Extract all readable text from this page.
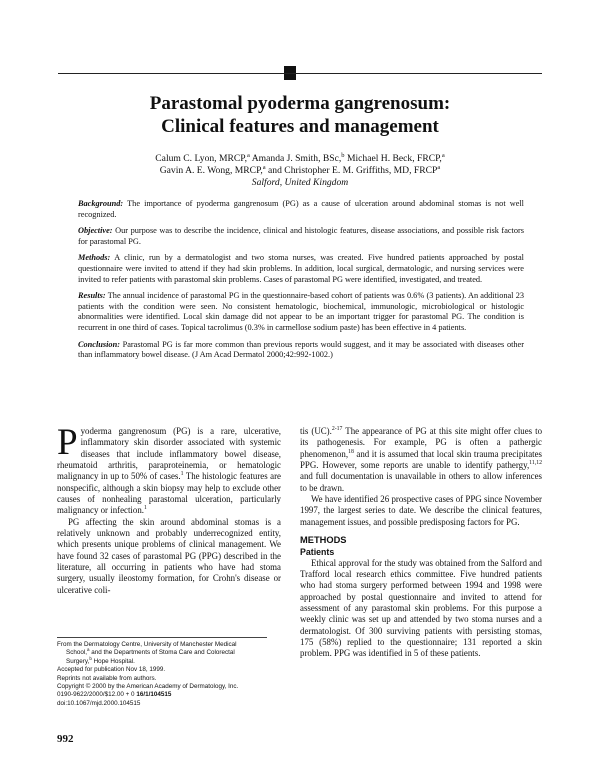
Parastomal pyoderma gangrenosum:
Clinical features and management
Calum C. Lyon, MRCP,$^a$ Amanda J. Smith, BSc,$^b$ Michael H. Beck, FRCP,$^a$
Gavin A. E. Wong, MRCP,$^a$ and Christopher E. M. Griffiths, MD, FRCP$^a$
Salford, United Kingdom

Background: The importance of pyoderma gangrenosum (PG) as a cause of ulceration around abdominal stomas is not well recognized.

Objective: Our purpose was to describe the incidence, clinical and histologic features, disease associations, and possible risk factors for parastomal PG.

Methods: A clinic, run by a dermatologist and two stoma nurses, was created. Five hundred patients approached by postal questionnaire were invited to attend if they had skin problems. In addition, local surgical, dermatologic, and nursing services were invited to refer patients with parastomal skin problems. Cases of parastomal PG were identified, investigated, and treated.

Results: The annual incidence of parastomal PG in the questionnaire-based cohort of patients was 0.6% (3 patients). An additional 23 patients with the condition were seen. No consistent hematologic, biochemical, immunologic, microbiological or histologic abnormalities were identified. Local skin damage did not appear to be an important trigger for parastomal PG. The condition is recurrent in one third of cases. Topical tacrolimus (0.3% in carmellose sodium paste) has been effective in 4 patients.

Conclusion: Parastomal PG is far more common than previous reports would suggest, and it may be associated with diseases other than inflammatory bowel disease. (J Am Acad Dermatol 2000;42:992-1002.)

Pyoderma gangrenosum (PG) is a rare, ulcerative, inflammatory skin disorder associated with systemic diseases that include inflammatory bowel disease, rheumatoid arthritis, paraproteinemia, or hematologic malignancy in up to 50% of cases.$^1$ The histologic features are nonspecific, although a skin biopsy may help to exclude other causes of nonhealing parastomal ulceration, particularly malignancy or infection.$^1$

PG affecting the skin around abdominal stomas is a relatively unknown and probably underrecognized entity, which presents unique problems of clinical management. We have found 32 cases of parastomal PG (PPG) described in the literature, all occurring in patients who have had stoma surgery, usually ileostomy formation, for Crohn's disease or ulcerative coli-

tis (UC).$^{2-17}$ The appearance of PG at this site might offer clues to its pathogenesis. For example, PG is often a pathergic phenomenon,$^{18}$ and it is assumed that local skin trauma precipitates PPG. However, some reports are unable to identify pathergy,$^{11,12}$ and full documentation is unavailable in others to allow inferences to be drawn.

We have identified 26 prospective cases of PPG since November 1997, the largest series to date. We describe the clinical features, management issues, and possible predisposing factors for PG.

METHODS
Patients

Ethical approval for the study was obtained from the Salford and Trafford local research ethics committee. Five hundred patients who had stoma surgery performed between 1994 and 1998 were approached by postal questionnaire and invited to attend for assessment of any parastomal skin problems. For this purpose a weekly clinic was set up and attended by two stoma nurses and a dermatologist. Of 300 surviving patients with persisting stomas, 175 (58%) replied to the questionnaire; 131 reported a skin problem. PPG was identified in 5 of these patients.

From the Dermatology Centre, University of Manchester Medical
School,$^a$ and the Departments of Stoma Care and Colorectal
Surgery,$^b$ Hope Hospital.
Accepted for publication Nov 18, 1999.
Reprints not available from authors.
Copyright © 2000 by the American Academy of Dermatology, Inc.
0190-9622/2000/$12.00 + 0 16/1/104515
doi:10.1067/mjd.2000.104515
992
